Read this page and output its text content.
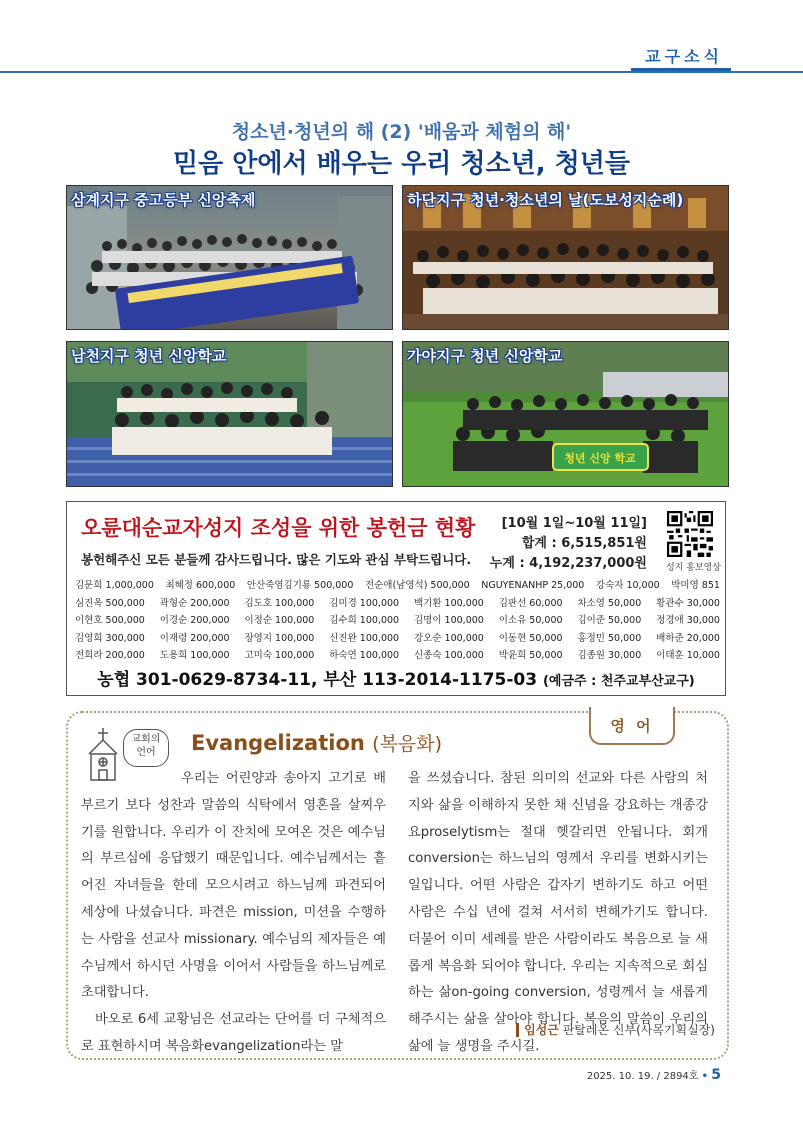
교구소식
청소년·청년의 해 (2) '배움과 체험의 해'
믿음 안에서 배우는 우리 청소년, 청년들
삼계지구 중고등부 신앙축제	하단지구 청년·청소년의 날(도보성지순례)
남천지구 청년 신앙학교
청년 신앙 학교
가야지구 청년 신앙학교
오륜대순교자성지 조성을 위한 봉헌금 현황
봉헌해주신 모든 분들께 감사드립니다. 많은 기도와 관심 부탁드립니다.
[10월 1일~10월 11일]
합계 : 6,515,851원
누계 : 4,192,237,000원 성지 홍보영상
김문희 1,000,000 최혜정 600,000 안산죽염김기룡 500,000 전순애(남영석) 500,000 NGUYENANHP 25,000 강숙자 10,000 박미영 851
심진옥 500,000 곽형순 200,000 김도호 100,000 김미경 100,000 백기환 100,000 김판선 60,000 차소영 50,000 황관수 30,000
이현호 500,000 이경순 200,000 이정순 100,000 김수희 100,000 김명이 100,000 이소유 50,000 김이준 50,000 정경애 30,000
김영희 300,000 이재령 200,000 장영지 100,000 신진완 100,000 강오순 100,000 이동현 50,000 홍정민 50,000 배하준 20,000
전희라 200,000 도용희 100,000 고미숙 100,000 하숙연 100,000 신종숙 100,000 박윤희 50,000 김종원 30,000 이태훈 10,000
농협 301-0629-8734-11, 부산 113-2014-1175-03 (예금주 : 천주교부산교구)
영 어
교회의
언어	Evangelization (복음화)

우리는 어린양과 송아지 고기로 배부르기 보다 성찬과 말씀의 식탁에서 영혼을 살찌우기를 원합니다. 우리가 이 잔치에 모여온 것은 예수님의 부르심에 응답했기 때문입니다. 예수님께서는 흩어진 자녀들을 한데 모으시려고 하느님께 파견되어 세상에 나셨습니다. 파견은 mission, 미션을 수행하는 사람을 선교사 missionary. 예수님의 제자들은 예수님께서 하시던 사명을 이어서 사람들을 하느님께로 초대합니다.

바오로 6세 교황님은 선교라는 단어를 더 구체적으로 표현하시며 복음화evangelization라는 말

을 쓰셨습니다. 참된 의미의 선교와 다른 사람의 처지와 삶을 이해하지 못한 채 신념을 강요하는 개종강요proselytism는 절대 헷갈리면 안됩니다. 회개conversion는 하느님의 영께서 우리를 변화시키는 일입니다. 어떤 사람은 갑자기 변하기도 하고 어떤 사람은 수십 년에 걸쳐 서서히 변해가기도 합니다. 더불어 이미 세례를 받은 사람이라도 복음으로 늘 새롭게 복음화 되어야 합니다. 우리는 지속적으로 회심하는 삶on-going conversion, 성령께서 늘 새롭게 해주시는 삶을 살아야 합니다. 복음의 말씀이 우리의 삶에 늘 생명을 주시길.

임성근 판탈레온 신부(사목기획실장)
2025. 10. 19. / 2894호 • 5
